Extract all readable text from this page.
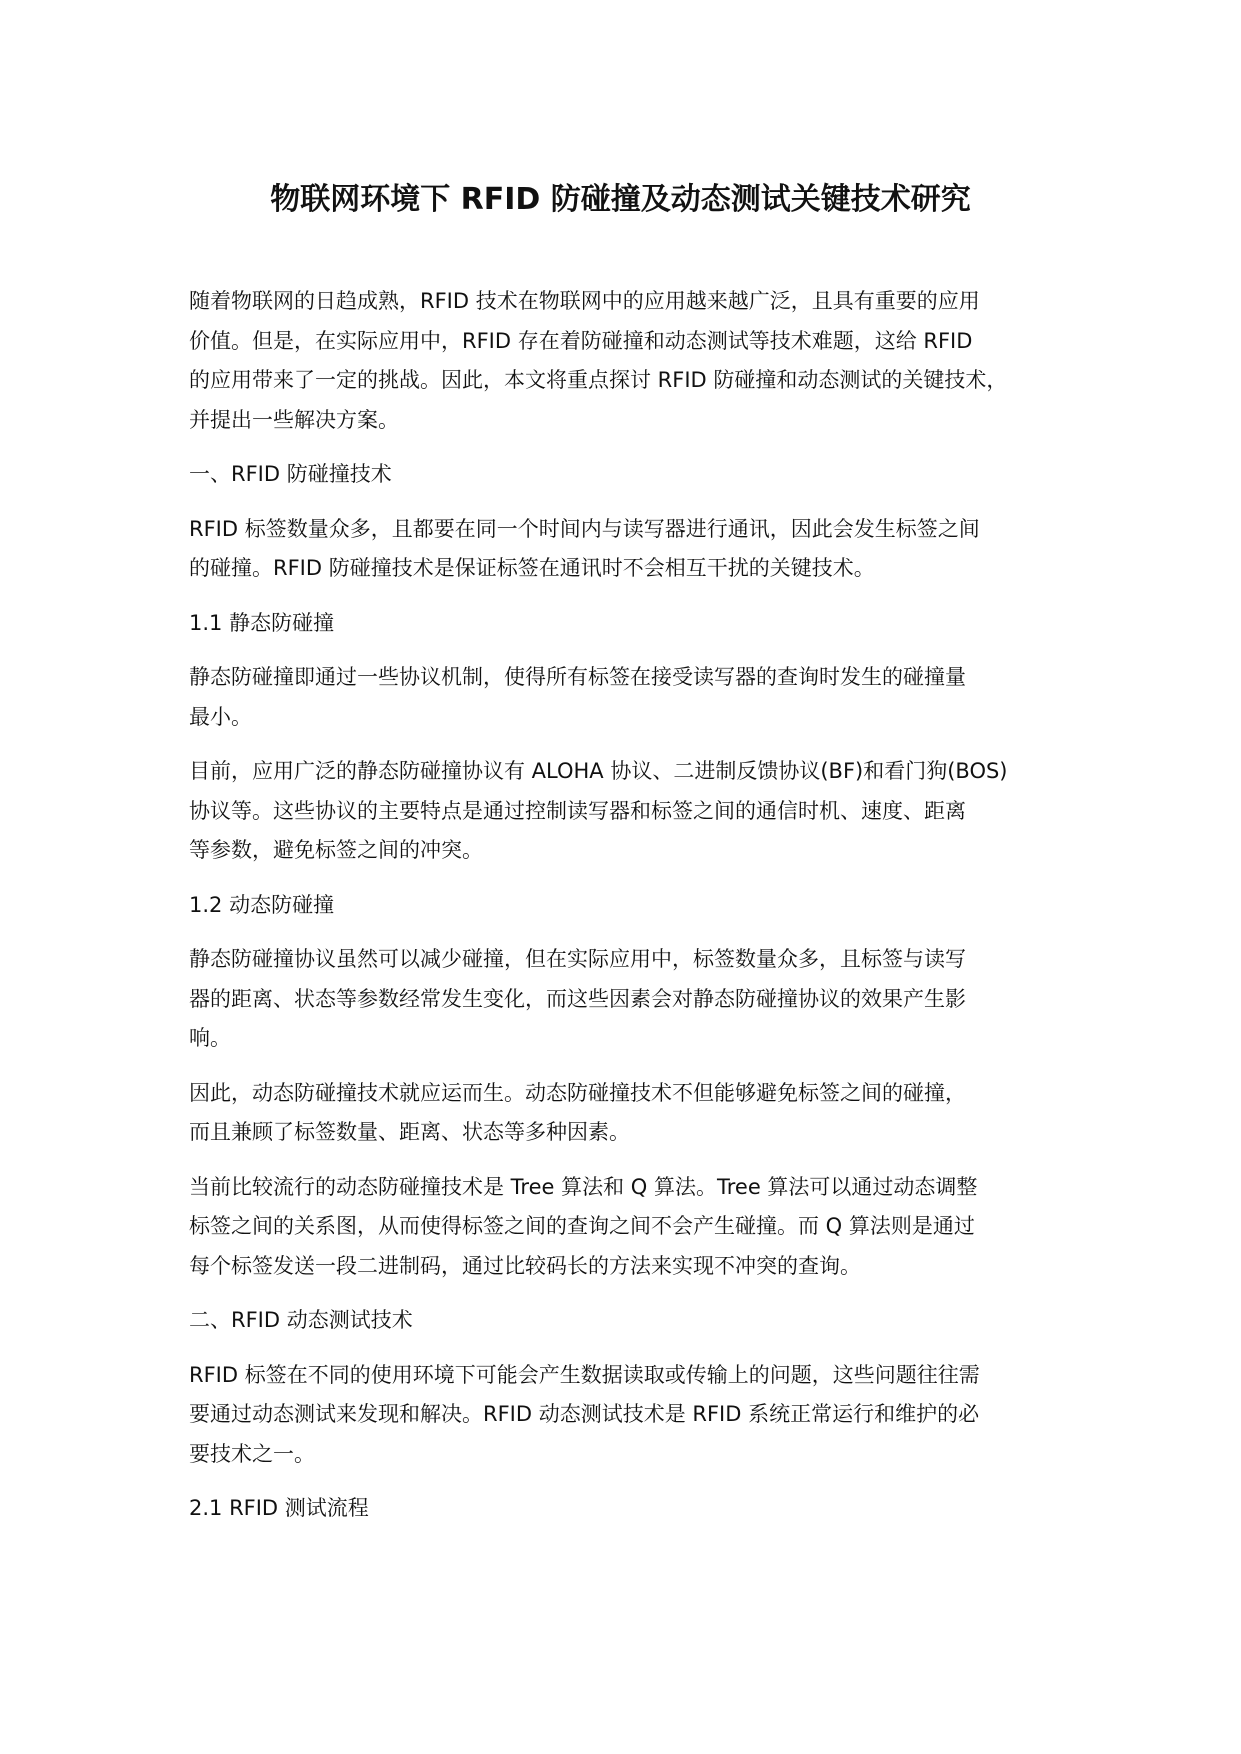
物联网环境下 RFID 防碰撞及动态测试关键技术研究
随着物联网的日趋成熟，RFID 技术在物联网中的应用越来越广泛，且具有重要的应用
价值。但是，在实际应用中，RFID 存在着防碰撞和动态测试等技术难题，这给 RFID
的应用带来了一定的挑战。因此，本文将重点探讨 RFID 防碰撞和动态测试的关键技术，
并提出一些解决方案。
一、RFID 防碰撞技术
RFID 标签数量众多，且都要在同一个时间内与读写器进行通讯，因此会发生标签之间
的碰撞。RFID 防碰撞技术是保证标签在通讯时不会相互干扰的关键技术。
1.1 静态防碰撞
静态防碰撞即通过一些协议机制，使得所有标签在接受读写器的查询时发生的碰撞量
最小。
目前，应用广泛的静态防碰撞协议有 ALOHA 协议、二进制反馈协议(BF)和看门狗(BOS)
协议等。这些协议的主要特点是通过控制读写器和标签之间的通信时机、速度、距离
等参数，避免标签之间的冲突。
1.2 动态防碰撞
静态防碰撞协议虽然可以减少碰撞，但在实际应用中，标签数量众多，且标签与读写
器的距离、状态等参数经常发生变化，而这些因素会对静态防碰撞协议的效果产生影
响。
因此，动态防碰撞技术就应运而生。动态防碰撞技术不但能够避免标签之间的碰撞，
而且兼顾了标签数量、距离、状态等多种因素。
当前比较流行的动态防碰撞技术是 Tree 算法和 Q 算法。Tree 算法可以通过动态调整
标签之间的关系图，从而使得标签之间的查询之间不会产生碰撞。而 Q 算法则是通过
每个标签发送一段二进制码，通过比较码长的方法来实现不冲突的查询。
二、RFID 动态测试技术
RFID 标签在不同的使用环境下可能会产生数据读取或传输上的问题，这些问题往往需
要通过动态测试来发现和解决。RFID 动态测试技术是 RFID 系统正常运行和维护的必
要技术之一。
2.1 RFID 测试流程
